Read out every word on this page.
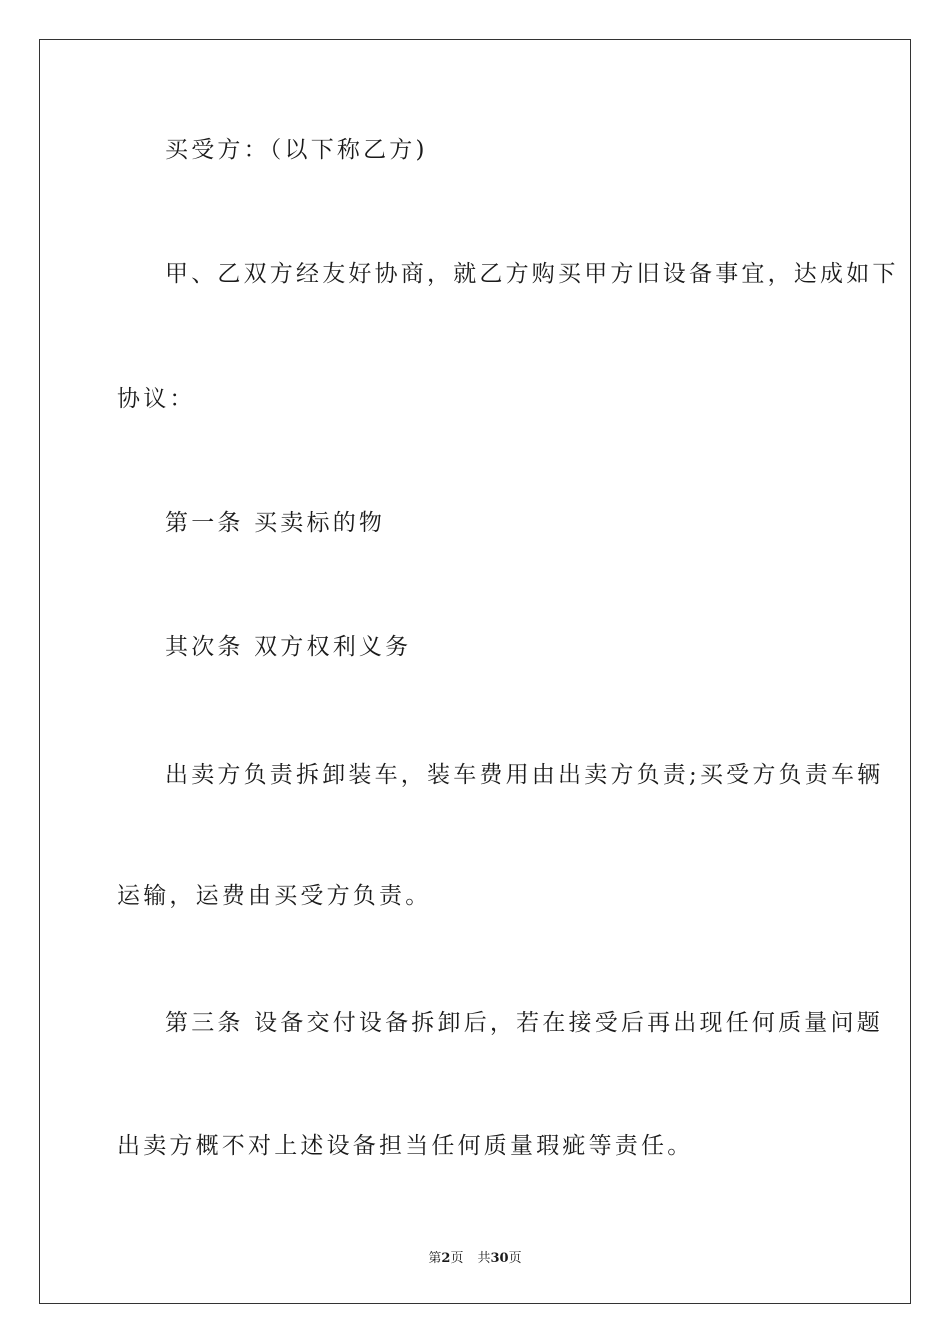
买受方：（以下称乙方)
甲、乙双方经友好协商，就乙方购买甲方旧设备事宜，达成如下
协议：
第一条 买卖标的物
其次条 双方权利义务
出卖方负责拆卸装车，装车费用由出卖方负责;买受方负责车辆
运输，运费由买受方负责。
第三条 设备交付设备拆卸后，若在接受后再出现任何质量问题
出卖方概不对上述设备担当任何质量瑕疵等责任。
第2页 共30页
